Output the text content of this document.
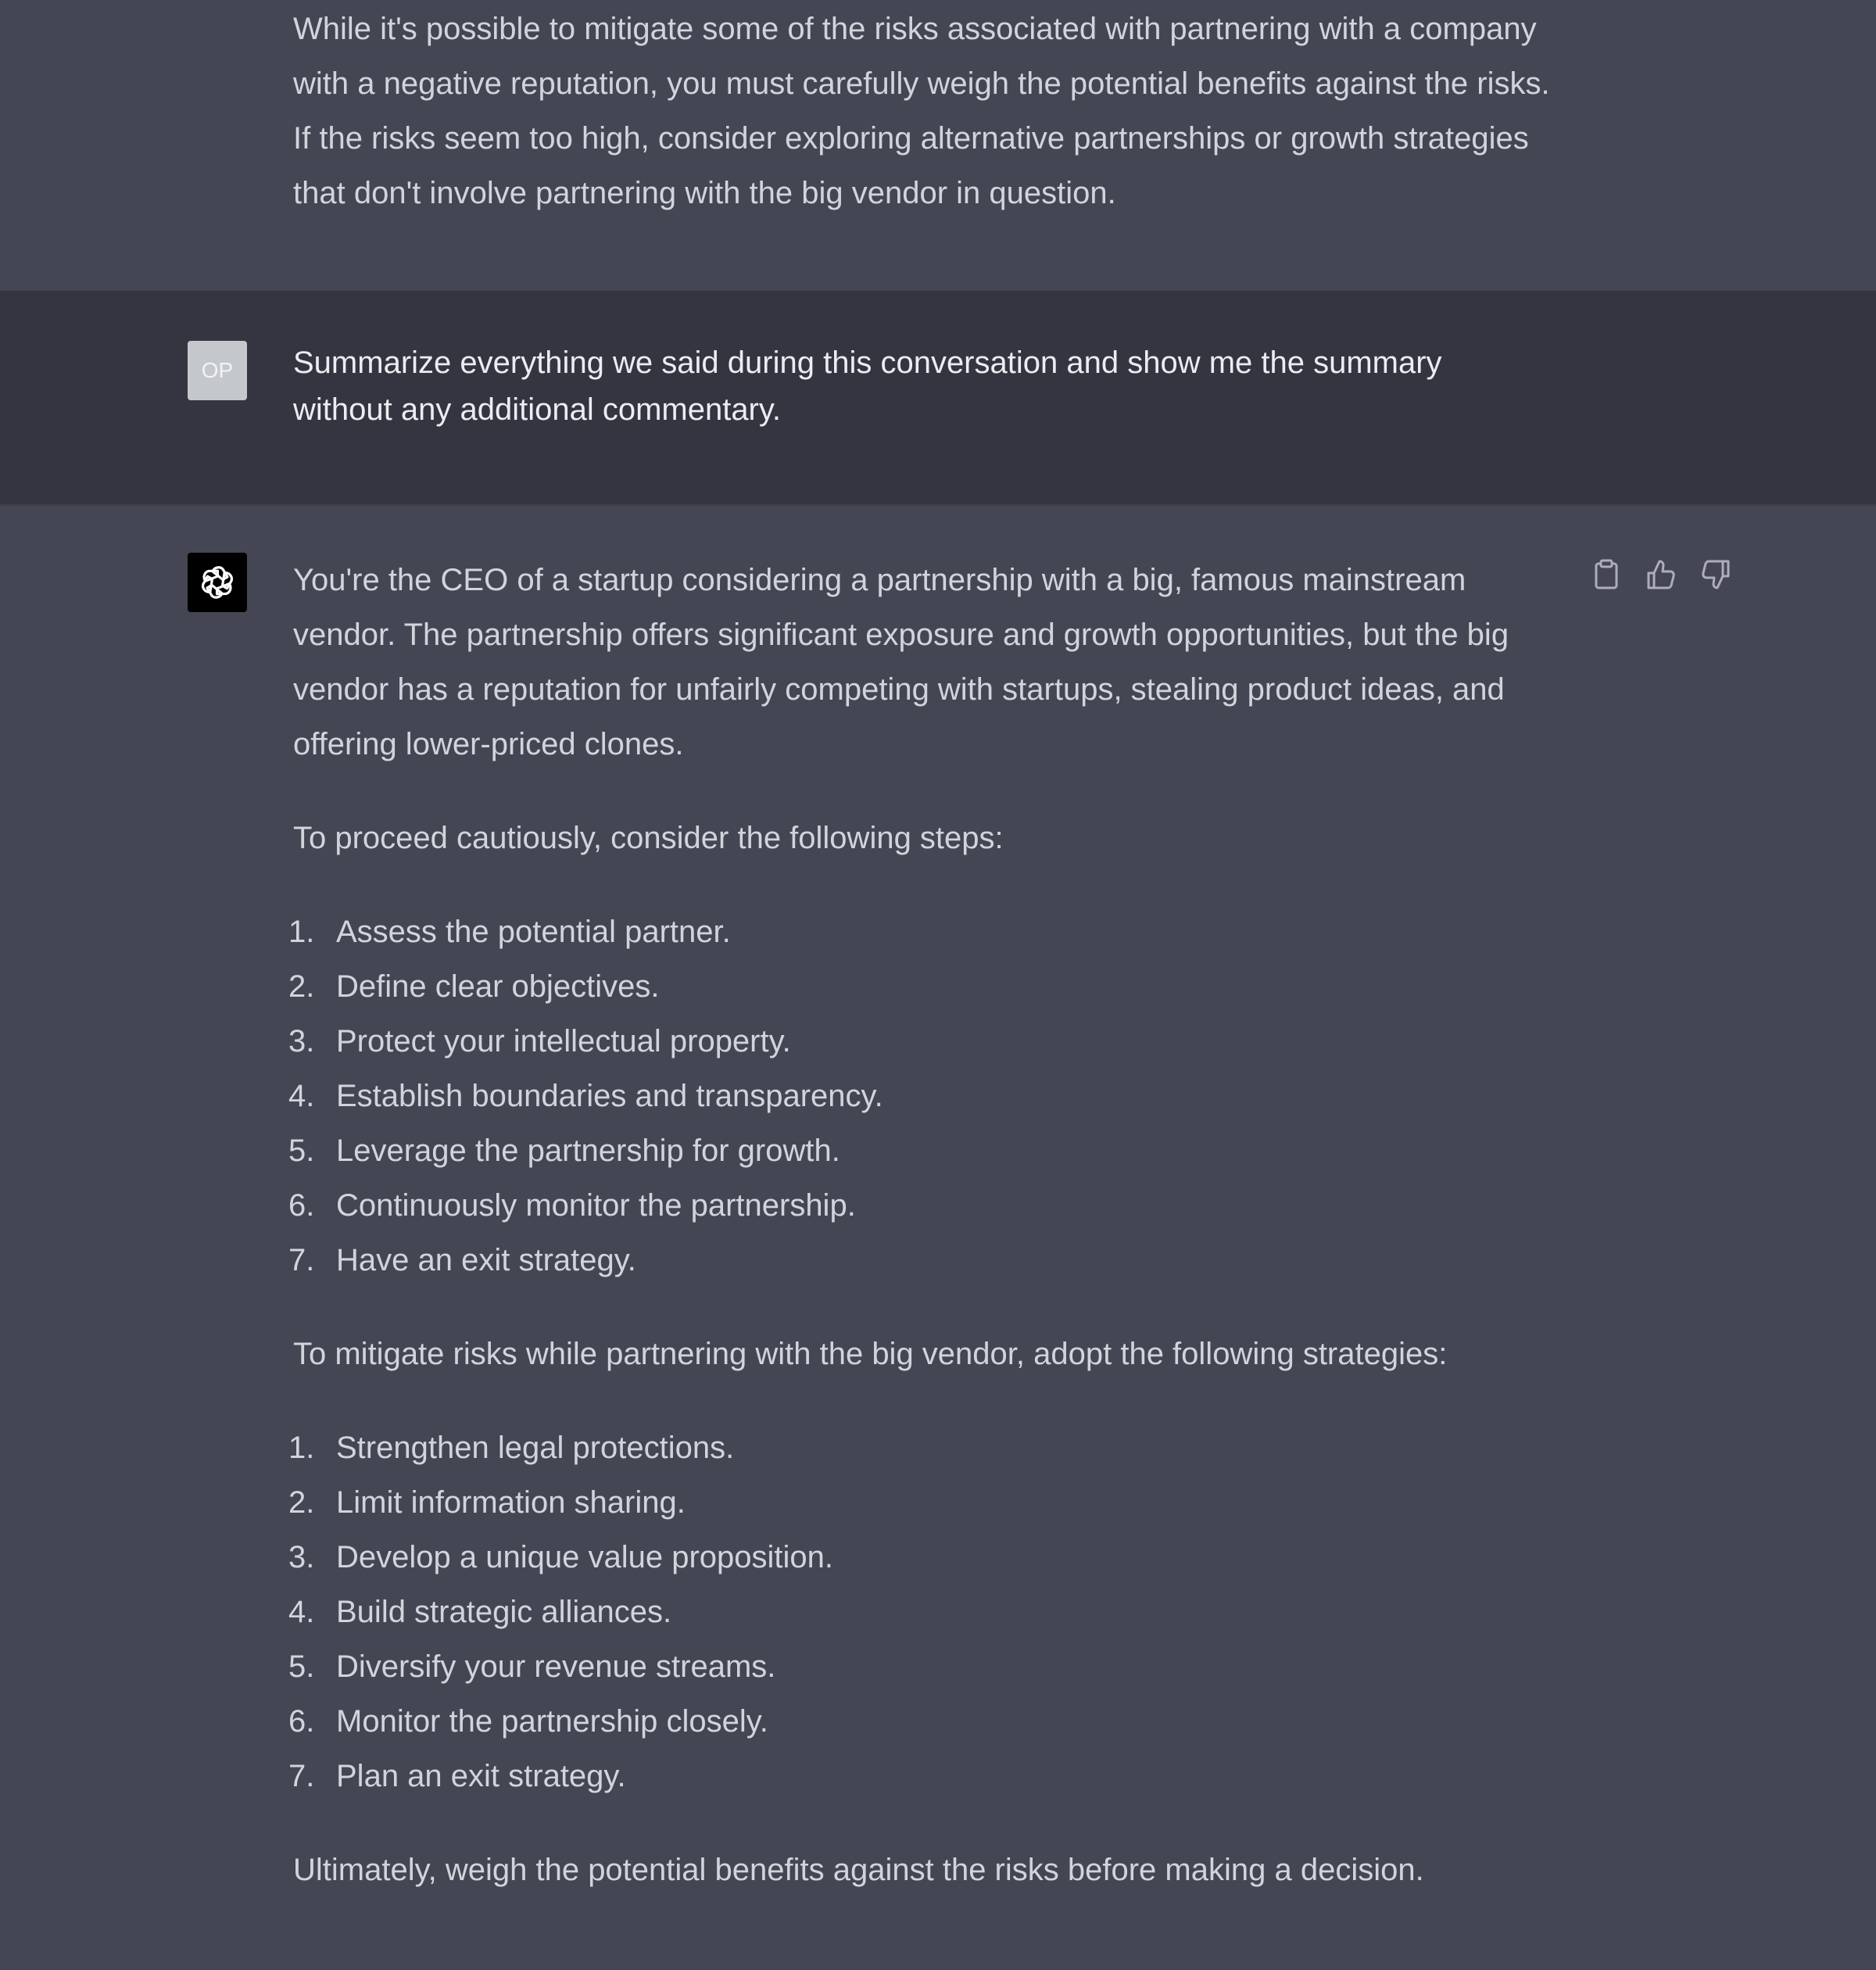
While it's possible to mitigate some of the risks associated with partnering with a company with a negative reputation, you must carefully weigh the potential benefits against the risks. If the risks seem too high, consider exploring alternative partnerships or growth strategies that don't involve partnering with the big vendor in question.

OP Summarize everything we said during this conversation and show me the summary without any additional commentary.

You're the CEO of a startup considering a partnership with a big, famous mainstream vendor. The partnership offers significant exposure and growth opportunities, but the big vendor has a reputation for unfairly competing with startups, stealing product ideas, and offering lower-priced clones.

To proceed cautiously, consider the following steps:

1. Assess the potential partner.
2. Define clear objectives.
3. Protect your intellectual property.
4. Establish boundaries and transparency.
5. Leverage the partnership for growth.
6. Continuously monitor the partnership.
7. Have an exit strategy.

To mitigate risks while partnering with the big vendor, adopt the following strategies:

1. Strengthen legal protections.
2. Limit information sharing.
3. Develop a unique value proposition.
4. Build strategic alliances.
5. Diversify your revenue streams.
6. Monitor the partnership closely.
7. Plan an exit strategy.

Ultimately, weigh the potential benefits against the risks before making a decision.
